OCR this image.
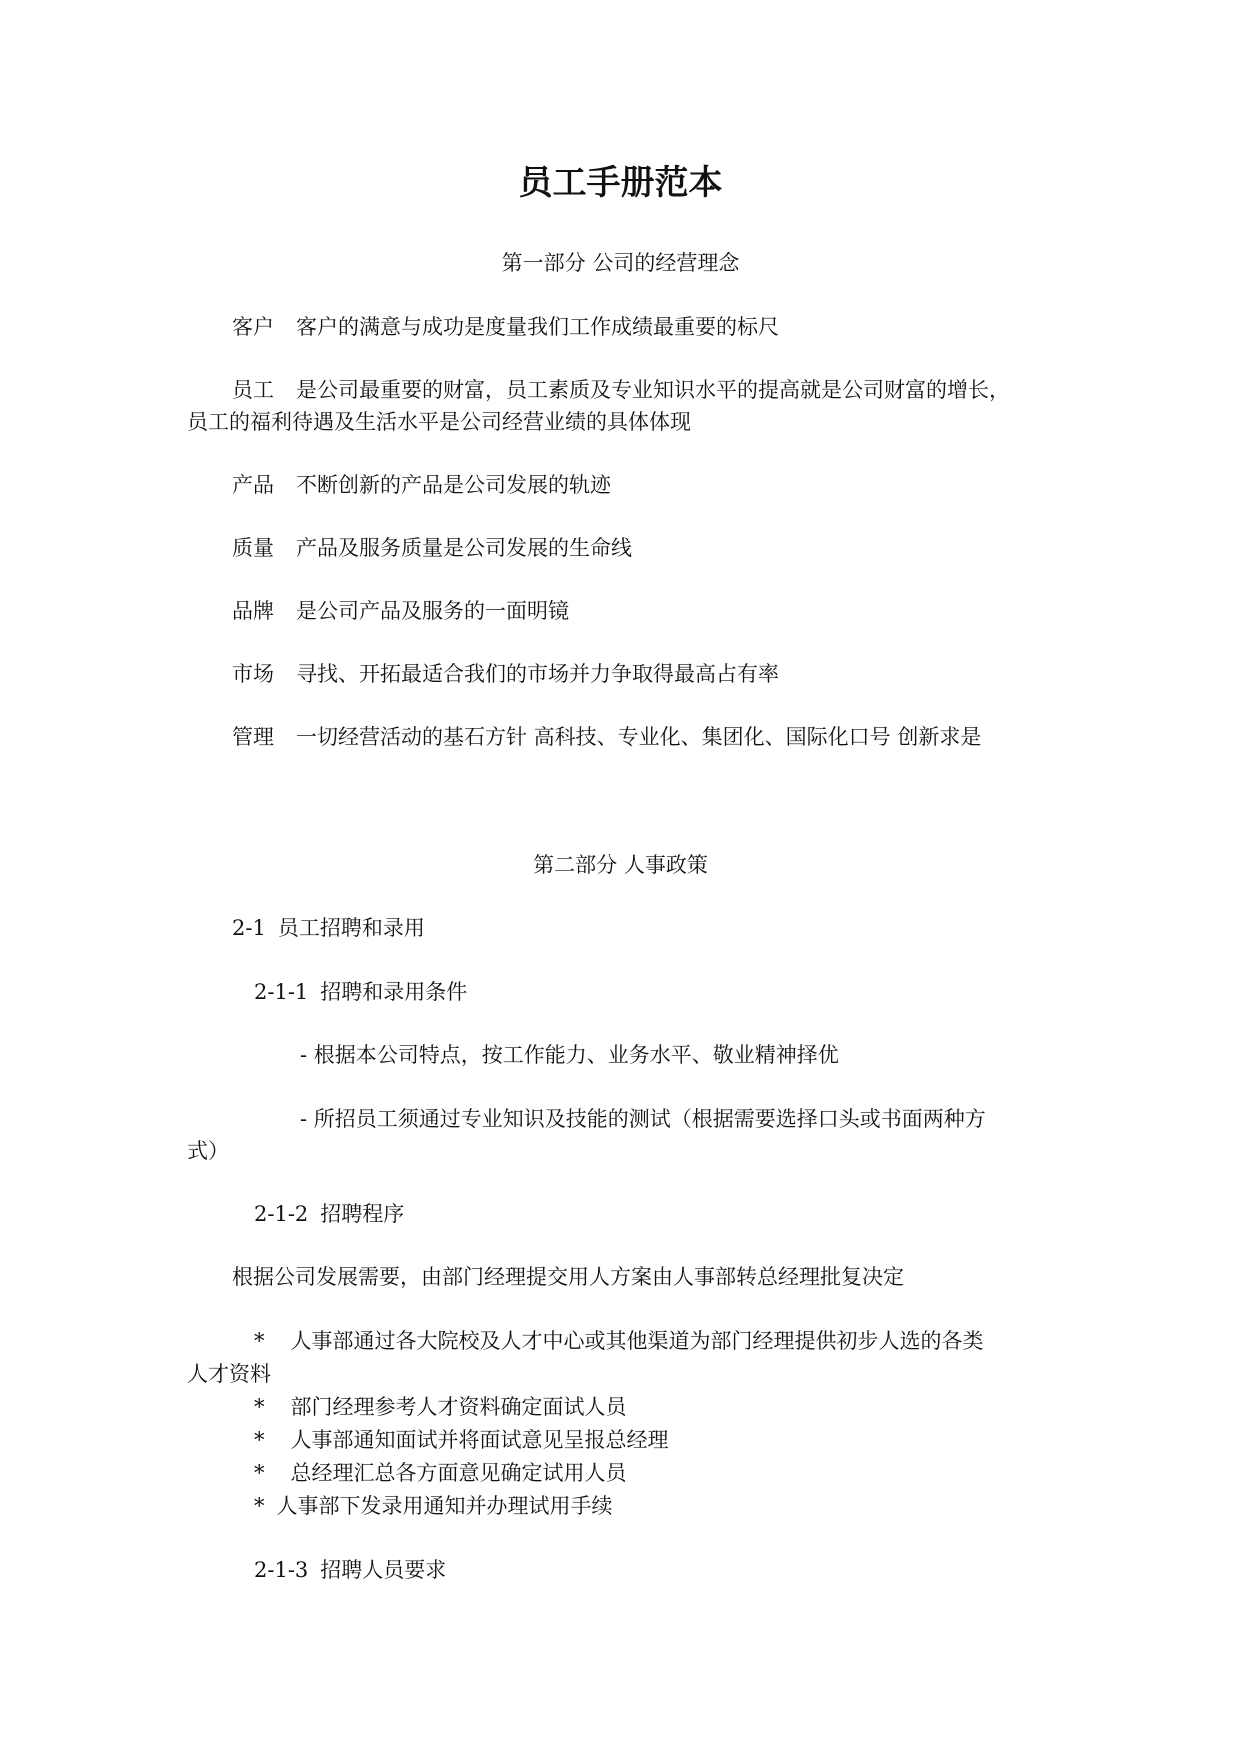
员工手册范本

第一部分 公司的经营理念

客户 客户的满意与成功是度量我们工作成绩最重要的标尺

员工 是公司最重要的财富，员工素质及专业知识水平的提高就是公司财富的增长，

员工的福利待遇及生活水平是公司经营业绩的具体体现

产品 不断创新的产品是公司发展的轨迹

质量 产品及服务质量是公司发展的生命线

品牌 是公司产品及服务的一面明镜

市场 寻找、开拓最适合我们的市场并力争取得最高占有率

管理 一切经营活动的基石方针 高科技、专业化、集团化、国际化口号 创新求是

第二部分 人事政策

2-1 员工招聘和录用

2-1-1 招聘和录用条件

- 根据本公司特点，按工作能力、业务水平、敬业精神择优

- 所招员工须通过专业知识及技能的测试（根据需要选择口头或书面两种方

式）

2-1-2 招聘程序

根据公司发展需要，由部门经理提交用人方案由人事部转总经理批复决定

* 人事部通过各大院校及人才中心或其他渠道为部门经理提供初步人选的各类

人才资料

* 部门经理参考人才资料确定面试人员

* 人事部通知面试并将面试意见呈报总经理

* 总经理汇总各方面意见确定试用人员

* 人事部下发录用通知并办理试用手续

2-1-3 招聘人员要求
